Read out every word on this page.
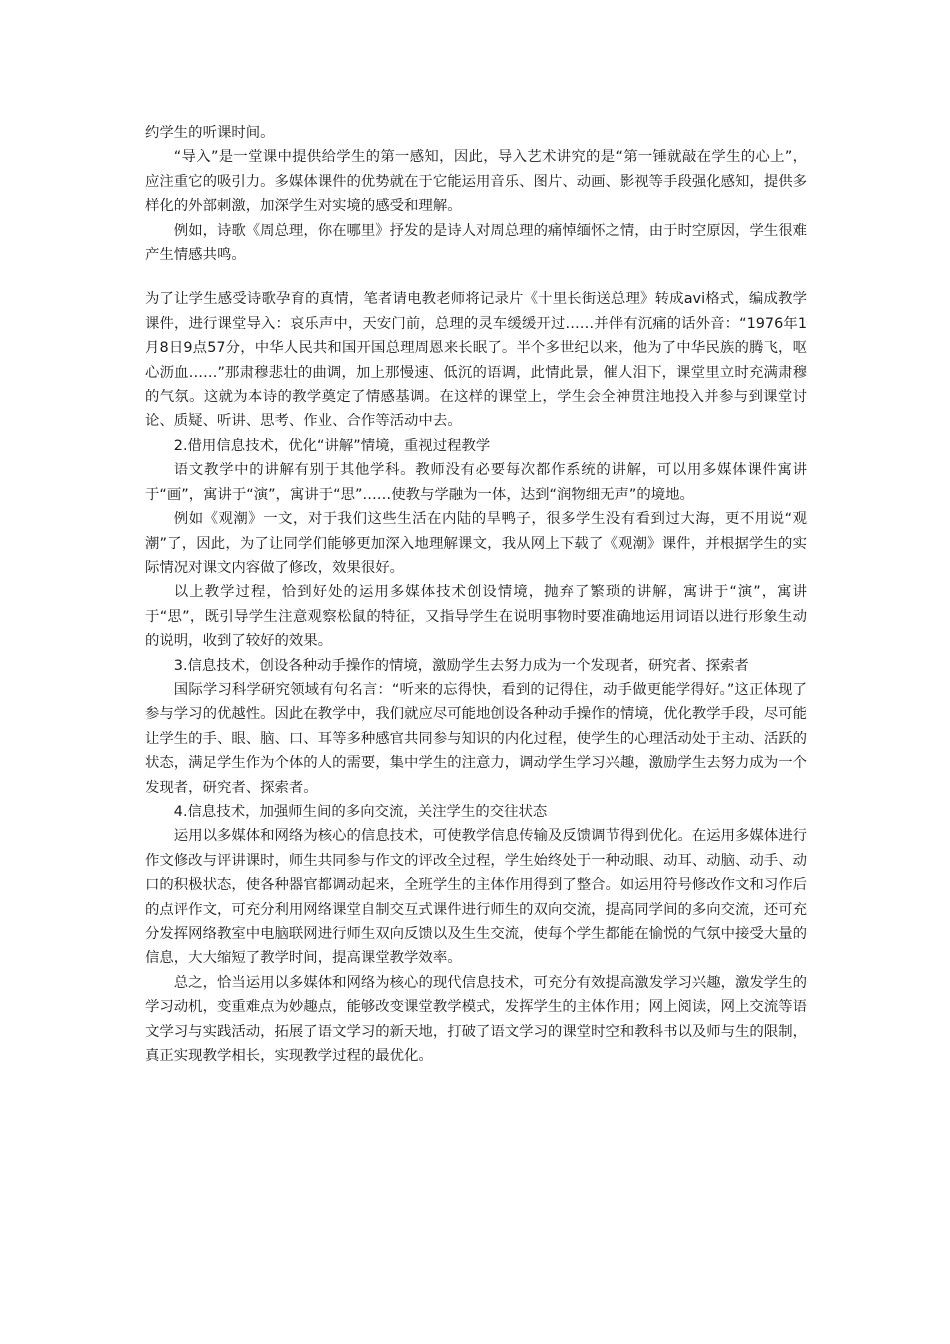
约学生的听课时间。

“导入”是一堂课中提供给学生的第一感知，因此，导入艺术讲究的是“第一锤就敲在学生的心上”，应注重它的吸引力。多媒体课件的优势就在于它能运用音乐、图片、动画、影视等手段强化感知，提供多样化的外部刺激，加深学生对实境的感受和理解。

例如，诗歌《周总理，你在哪里》抒发的是诗人对周总理的痛悼缅怀之情，由于时空原因，学生很难产生情感共鸣。

为了让学生感受诗歌孕育的真情，笔者请电教老师将记录片《十里长街送总理》转成avi格式，编成教学课件，进行课堂导入：哀乐声中，天安门前，总理的灵车缓缓开过……并伴有沉痛的话外音：“1976年1月8日9点57分，中华人民共和国开国总理周恩来长眠了。半个多世纪以来，他为了中华民族的腾飞，呕心沥血……”那肃穆悲壮的曲调，加上那慢速、低沉的语调，此情此景，催人泪下，课堂里立时充满肃穆的气氛。这就为本诗的教学奠定了情感基调。在这样的课堂上，学生会全神贯注地投入并参与到课堂讨论、质疑、听讲、思考、作业、合作等活动中去。

2.借用信息技术，优化“讲解”情境，重视过程教学

语文教学中的讲解有别于其他学科。教师没有必要每次都作系统的讲解，可以用多媒体课件寓讲于“画”，寓讲于“演”，寓讲于“思”……使教与学融为一体，达到“润物细无声”的境地。

例如《观潮》一文，对于我们这些生活在内陆的旱鸭子，很多学生没有看到过大海，更不用说“观潮”了，因此，为了让同学们能够更加深入地理解课文，我从网上下载了《观潮》课件，并根据学生的实际情况对课文内容做了修改，效果很好。

以上教学过程，恰到好处的运用多媒体技术创设情境，抛弃了繁琐的讲解，寓讲于“演”，寓讲于“思”，既引导学生注意观察松鼠的特征，又指导学生在说明事物时要准确地运用词语以进行形象生动的说明，收到了较好的效果。

3.信息技术，创设各种动手操作的情境，激励学生去努力成为一个发现者，研究者、探索者

国际学习科学研究领域有句名言：“听来的忘得快，看到的记得住，动手做更能学得好。”这正体现了参与学习的优越性。因此在教学中，我们就应尽可能地创设各种动手操作的情境，优化教学手段，尽可能让学生的手、眼、脑、口、耳等多种感官共同参与知识的内化过程，使学生的心理活动处于主动、活跃的状态，满足学生作为个体的人的需要，集中学生的注意力，调动学生学习兴趣，激励学生去努力成为一个发现者，研究者、探索者。

4.信息技术，加强师生间的多向交流，关注学生的交往状态

运用以多媒体和网络为核心的信息技术，可使教学信息传输及反馈调节得到优化。在运用多媒体进行作文修改与评讲课时，师生共同参与作文的评改全过程，学生始终处于一种动眼、动耳、动脑、动手、动口的积极状态，使各种器官都调动起来，全班学生的主体作用得到了整合。如运用符号修改作文和习作后的点评作文，可充分利用网络课堂自制交互式课件进行师生的双向交流，提高同学间的多向交流，还可充分发挥网络教室中电脑联网进行师生双向反馈以及生生交流，使每个学生都能在愉悦的气氛中接受大量的信息，大大缩短了教学时间，提高课堂教学效率。

总之，恰当运用以多媒体和网络为核心的现代信息技术，可充分有效提高激发学习兴趣，激发学生的学习动机，变重难点为妙趣点，能够改变课堂教学模式，发挥学生的主体作用；网上阅读，网上交流等语文学习与实践活动，拓展了语文学习的新天地，打破了语文学习的课堂时空和教科书以及师与生的限制，真正实现教学相长，实现教学过程的最优化。
